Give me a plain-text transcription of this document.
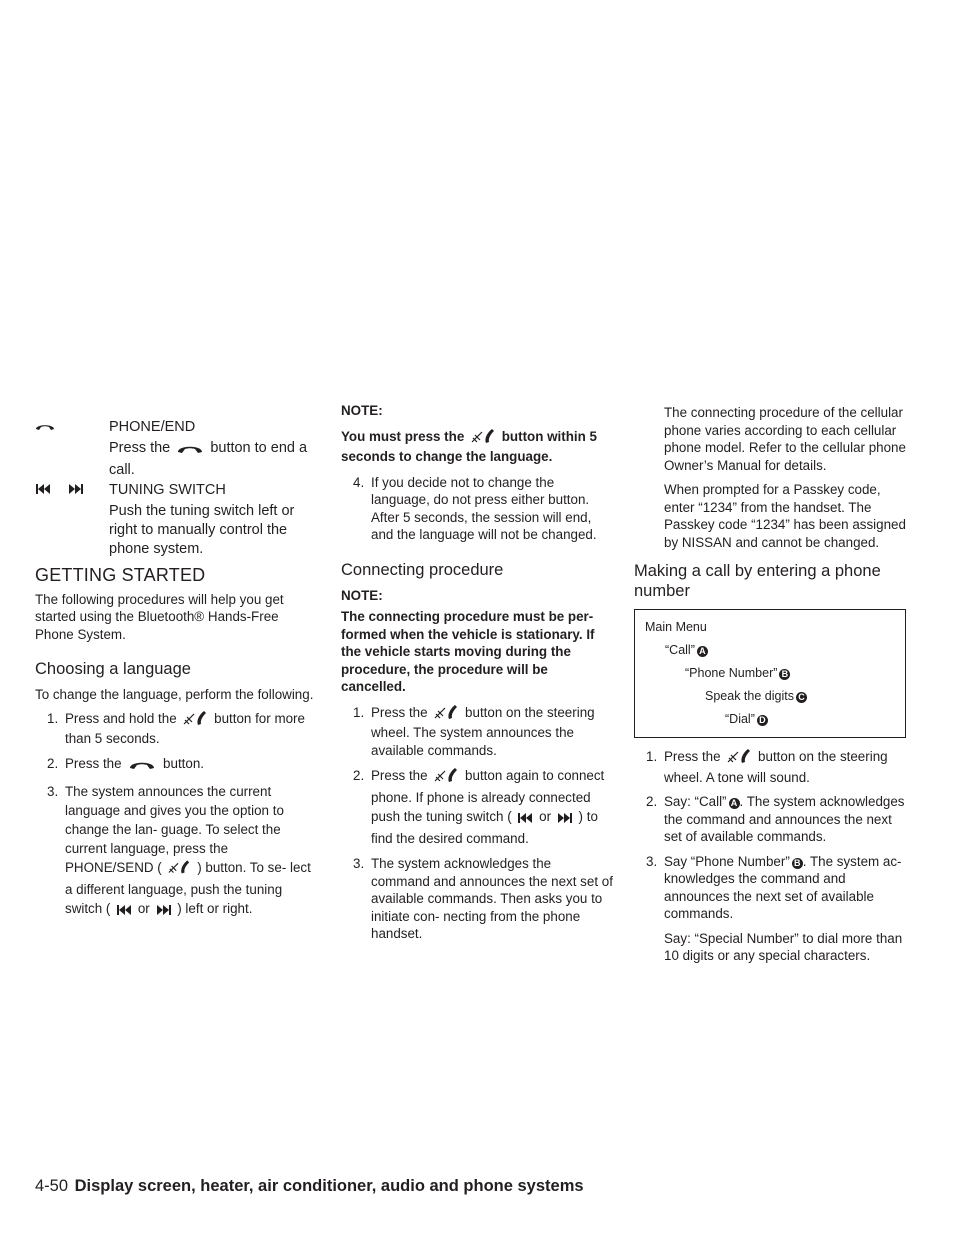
PHONE/END
Press the	button to end a call.
TUNING SWITCH
Push the tuning switch left or right to manually control the phone system.
GETTING STARTED

The following procedures will help you get started using the Bluetooth® Hands-Free Phone System.

Choosing a language

To change the language, perform the following.

1. Press and hold the	button for more than 5 seconds.
2. Press the	button.
3. The system announces the current language and gives you the option to change the lan- guage. To select the current language, press the PHONE/SEND (	) button. To se- lect a different language, push the tuning switch ( or ) left or right.
NOTE:

You must press the	button within 5 seconds to change the language.

4. If you decide not to change the language, do not press either button. After 5 seconds, the session will end, and the language will not be changed.
Connecting procedure
NOTE:

The connecting procedure must be per- formed when the vehicle is stationary. If the vehicle starts moving during the procedure, the procedure will be cancelled.

1. Press the	button on the steering wheel. The system announces the available commands.
2. Press the	button again to connect phone. If phone is already connected push the tuning switch ( or ) to find the desired command.
3. The system acknowledges the command and announces the next set of available commands. Then asks you to initiate con- necting from the phone handset.

The connecting procedure of the cellular phone varies according to each cellular phone model. Refer to the cellular phone Owner’s Manual for details.

When prompted for a Passkey code, enter “1234” from the handset. The Passkey code “1234” has been assigned by NISSAN and cannot be changed.

Making a call by entering a phone number
Main Menu
“Call” A
“Phone Number” B
Speak the digits C
“Dial” D
1. Press the	button on the steering wheel. A tone will sound.
2. Say: “Call” A . The system acknowledges the command and announces the next set of available commands.
3. Say “Phone Number” B . The system ac- knowledges the command and announces the next set of available commands.

Say: “Special Number” to dial more than 10 digits or any special characters.

4-50 Display screen, heater, air conditioner, audio and phone systems
